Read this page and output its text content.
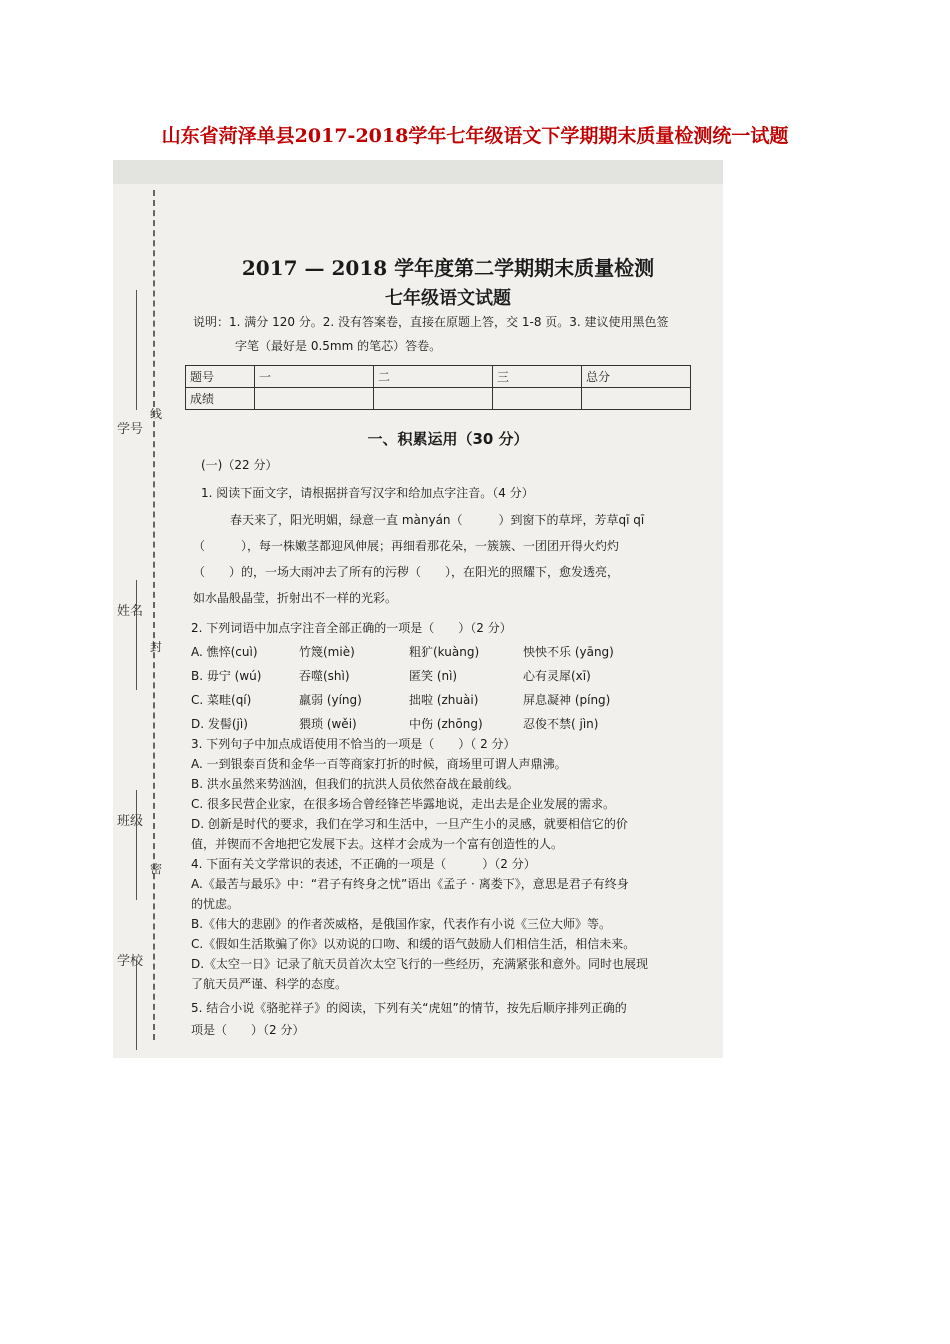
山东省菏泽单县2017-2018学年七年级语文下学期期末质量检测统一试题
学号
姓名
班级
学校
线
封
密
2017 — 2018 学年度第二学期期末质量检测
七年级语文试题
说明：1. 满分 120 分。2. 没有答案卷，直接在原题上答，交 1-8 页。3. 建议使用黑色签
字笔（最好是 0.5mm 的笔芯）答卷。
题号	一	二	三	总分
成绩				
一、积累运用（30 分）
(一)（22 分）
1. 阅读下面文字，请根据拼音写汉字和给加点字注音。（4 分）
春天来了，阳光明媚，绿意一直 mànyán（　　　）到窗下的草坪，芳草qī qī
（　　　），每一株嫩茎都迎风伸展；再细看那花朵，一簇簇、一团团开得火灼灼
（　　）的，一场大雨冲去了所有的污秽（　　），在阳光的照耀下，愈发透亮，
如水晶般晶莹，折射出不一样的光彩。
2. 下列词语中加点字注音全部正确的一项是（　　）（2 分）
A. 憔悴(cuì)	竹篾(miè)	粗犷(kuàng)	怏怏不乐 (yāng)
B. 毋宁 (wú)	吞噬(shì)	匿笑 (nì)	心有灵犀(xī)
C. 菜畦(qí)	羸弱 (yíng)	拙啦 (zhuài)	屏息凝神 (píng)
D. 发髻(jì)	猥琐 (wěi)	中伤 (zhōng)	忍俊不禁( jìn)
3. 下列句子中加点成语使用不恰当的一项是（　　）（ 2 分）
A. 一到银泰百货和金华一百等商家打折的时候，商场里可谓人声鼎沸。
B. 洪水虽然来势汹汹，但我们的抗洪人员依然奋战在最前线。
C. 很多民营企业家，在很多场合曾经锋芒毕露地说，走出去是企业发展的需求。
D. 创新是时代的要求，我们在学习和生活中，一旦产生小的灵感，就要相信它的价
值，并锲而不舍地把它发展下去。这样才会成为一个富有创造性的人。
4. 下面有关文学常识的表述，不正确的一项是（　　　）（2 分）
A.《最苦与最乐》中：“君子有终身之忧”语出《孟子 · 离娄下》，意思是君子有终身
的忧虑。
B.《伟大的悲剧》的作者茨威格，是俄国作家，代表作有小说《三位大师》等。
C.《假如生活欺骗了你》以劝说的口吻、和缓的语气鼓励人们相信生活，相信未来。
D.《太空一日》记录了航天员首次太空飞行的一些经历，充满紧张和意外。同时也展现
了航天员严谨、科学的态度。
5. 结合小说《骆驼祥子》的阅读，下列有关“虎妞”的情节，按先后顺序排列正确的
项是（　　）（2 分）
